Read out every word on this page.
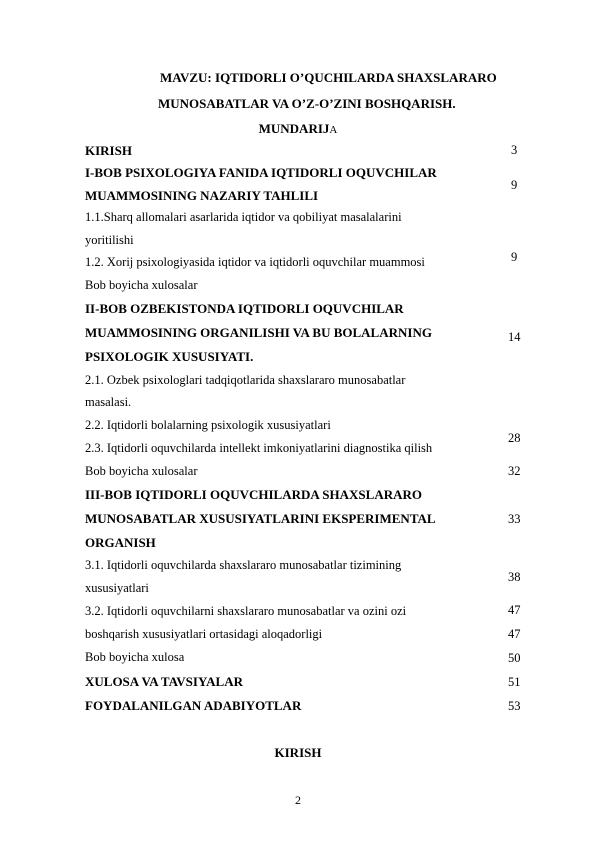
MAVZU: IQTIDORLI O’QUCHILARDA SHAXSLARARO
MUNOSABATLAR VA O’Z-O’ZINI BOSHQARISH.
MUNDARIJA
KIRISH
I-BOB PSIXOLOGIYA FANIDA IQTIDORLI OQUVCHILAR
MUAMMOSINING NAZARIY TAHLILI
1.1.Sharq allomalari asarlarida iqtidor va qobiliyat masalalarini
yoritilishi
1.2. Xorij psixologiyasida iqtidor va iqtidorli oquvchilar muammosi
Bob boyicha xulosalar
II-BOB OZBEKISTONDA IQTIDORLI OQUVCHILAR
MUAMMOSINING ORGANILISHI VA BU BOLALARNING
PSIXOLOGIK XUSUSIYATI.
2.1. Ozbek psixologlari tadqiqotlarida shaxslararo munosabatlar
masalasi.
2.2. Iqtidorli bolalarning psixologik xususiyatlari
2.3. Iqtidorli oquvchilarda intellekt imkoniyatlarini diagnostika qilish
Bob boyicha xulosalar
III-BOB IQTIDORLI OQUVCHILARDA SHAXSLARARO
MUNOSABATLAR XUSUSIYATLARINI EKSPERIMENTAL
ORGANISH
3.1. Iqtidorli oquvchilarda shaxslararo munosabatlar tizimining
xususiyatlari
3.2. Iqtidorli oquvchilarni shaxslararo munosabatlar va ozini ozi
boshqarish xususiyatlari ortasidagi aloqadorligi
Bob boyicha xulosa
XULOSA VA TAVSIYALAR
FOYDALANILGAN ADABIYOTLAR
3
9
9
14
28
32
33
38
47
47
50
51
53
KIRISH
2
